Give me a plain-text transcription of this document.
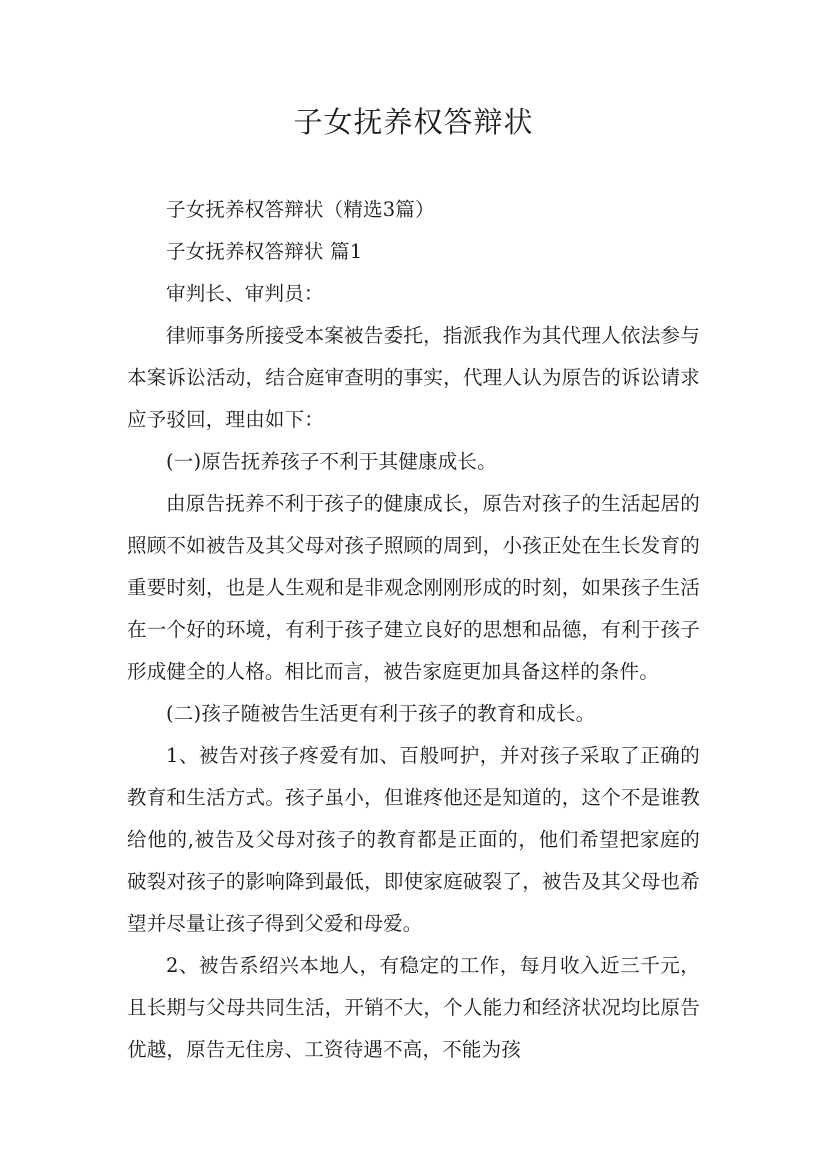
子女抚养权答辩状

子女抚养权答辩状（精选3篇）

子女抚养权答辩状 篇1

审判长、审判员：

律师事务所接受本案被告委托，指派我作为其代理人依法参与本案诉讼活动，结合庭审查明的事实，代理人认为原告的诉讼请求应予驳回，理由如下：

(一)原告抚养孩子不利于其健康成长。

由原告抚养不利于孩子的健康成长，原告对孩子的生活起居的照顾不如被告及其父母对孩子照顾的周到，小孩正处在生长发育的重要时刻，也是人生观和是非观念刚刚形成的时刻，如果孩子生活在一个好的环境，有利于孩子建立良好的思想和品德，有利于孩子形成健全的人格。相比而言，被告家庭更加具备这样的条件。

(二)孩子随被告生活更有利于孩子的教育和成长。

1、被告对孩子疼爱有加、百般呵护，并对孩子采取了正确的教育和生活方式。孩子虽小，但谁疼他还是知道的，这个不是谁教给他的,被告及父母对孩子的教育都是正面的，他们希望把家庭的破裂对孩子的影响降到最低，即使家庭破裂了，被告及其父母也希望并尽量让孩子得到父爱和母爱。

2、被告系绍兴本地人，有稳定的工作，每月收入近三千元，且长期与父母共同生活，开销不大，个人能力和经济状况均比原告优越，原告无住房、工资待遇不高，不能为孩
